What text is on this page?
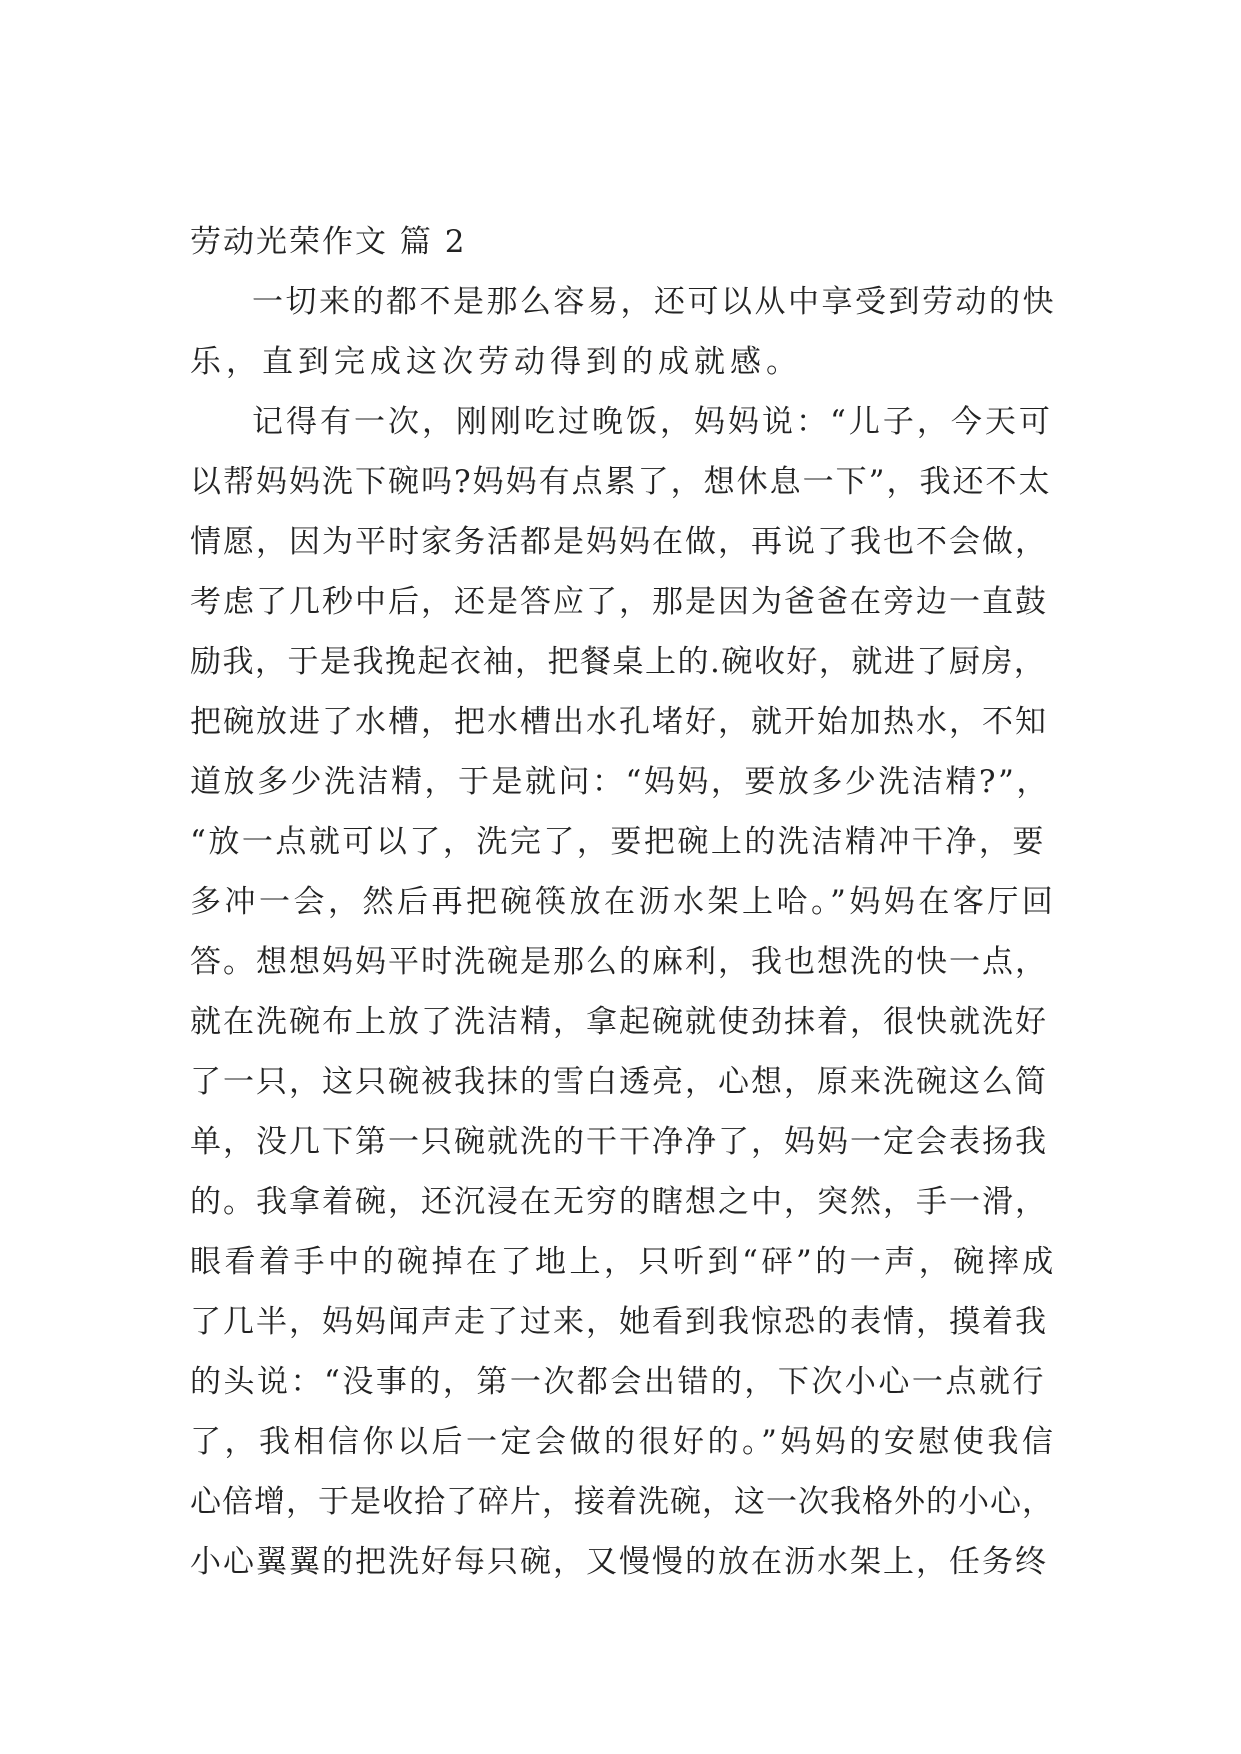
劳动光荣作文 篇 2
一切来的都不是那么容易，还可以从中享受到劳动的快
乐，直到完成这次劳动得到的成就感。
记得有一次，刚刚吃过晚饭，妈妈说：“儿子，今天可
以帮妈妈洗下碗吗?妈妈有点累了，想休息一下”，我还不太
情愿，因为平时家务活都是妈妈在做，再说了我也不会做，
考虑了几秒中后，还是答应了，那是因为爸爸在旁边一直鼓
励我，于是我挽起衣袖，把餐桌上的.碗收好，就进了厨房，
把碗放进了水槽，把水槽出水孔堵好，就开始加热水，不知
道放多少洗洁精，于是就问：“妈妈，要放多少洗洁精?”，
“放一点就可以了，洗完了，要把碗上的洗洁精冲干净，要
多冲一会，然后再把碗筷放在沥水架上哈。”妈妈在客厅回
答。想想妈妈平时洗碗是那么的麻利，我也想洗的快一点，
就在洗碗布上放了洗洁精，拿起碗就使劲抹着，很快就洗好
了一只，这只碗被我抹的雪白透亮，心想，原来洗碗这么简
单，没几下第一只碗就洗的干干净净了，妈妈一定会表扬我
的。我拿着碗，还沉浸在无穷的瞎想之中，突然，手一滑，
眼看着手中的碗掉在了地上，只听到“砰”的一声，碗摔成
了几半，妈妈闻声走了过来，她看到我惊恐的表情，摸着我
的头说：“没事的，第一次都会出错的，下次小心一点就行
了，我相信你以后一定会做的很好的。”妈妈的安慰使我信
心倍增，于是收拾了碎片，接着洗碗，这一次我格外的小心，
小心翼翼的把洗好每只碗，又慢慢的放在沥水架上，任务终
